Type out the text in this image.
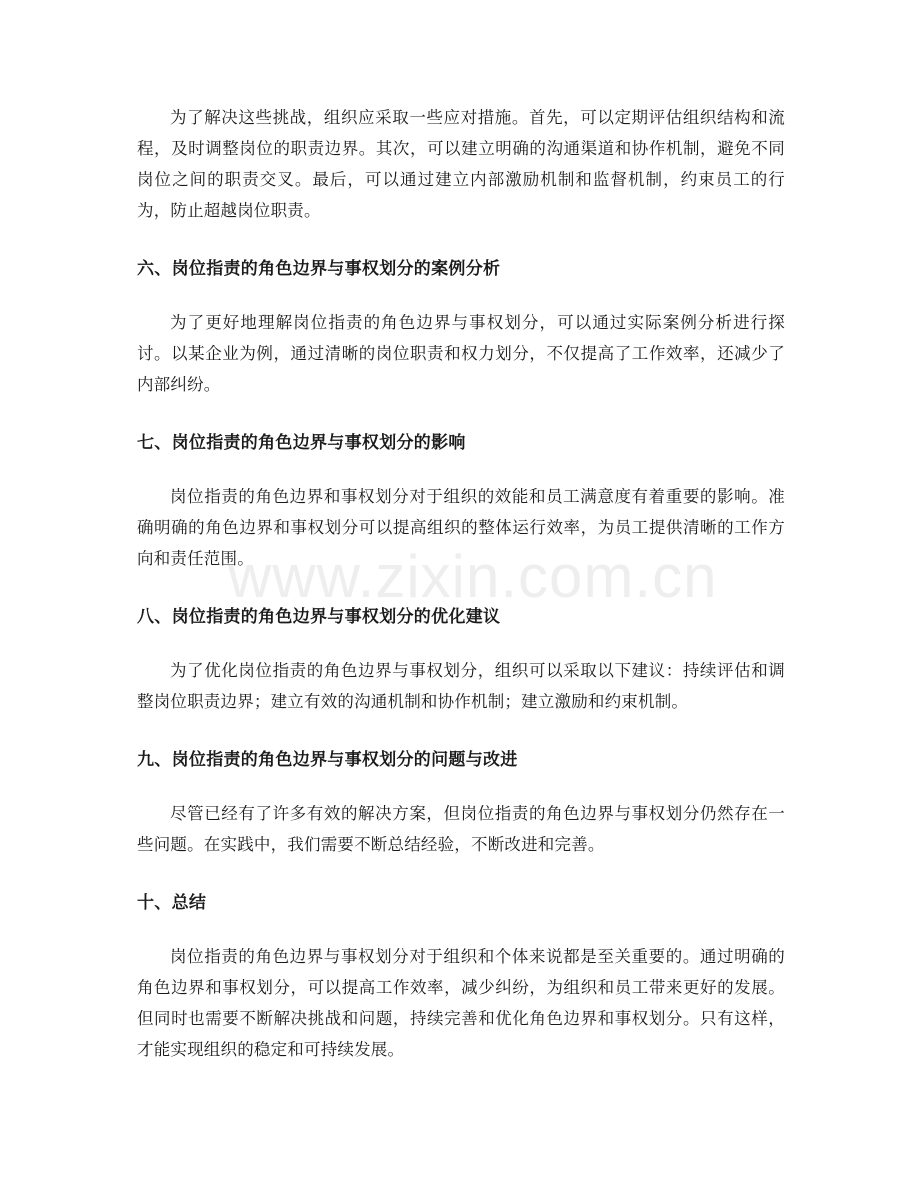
为了解决这些挑战，组织应采取一些应对措施。首先，可以定期评估组织结构和流程，及时调整岗位的职责边界。其次，可以建立明确的沟通渠道和协作机制，避免不同岗位之间的职责交叉。最后，可以通过建立内部激励机制和监督机制，约束员工的行为，防止超越岗位职责。

六、岗位指责的角色边界与事权划分的案例分析

为了更好地理解岗位指责的角色边界与事权划分，可以通过实际案例分析进行探讨。以某企业为例，通过清晰的岗位职责和权力划分，不仅提高了工作效率，还减少了内部纠纷。

七、岗位指责的角色边界与事权划分的影响

岗位指责的角色边界和事权划分对于组织的效能和员工满意度有着重要的影响。准确明确的角色边界和事权划分可以提高组织的整体运行效率，为员工提供清晰的工作方向和责任范围。

八、岗位指责的角色边界与事权划分的优化建议

为了优化岗位指责的角色边界与事权划分，组织可以采取以下建议：持续评估和调整岗位职责边界；建立有效的沟通机制和协作机制；建立激励和约束机制。

九、岗位指责的角色边界与事权划分的问题与改进

尽管已经有了许多有效的解决方案，但岗位指责的角色边界与事权划分仍然存在一些问题。在实践中，我们需要不断总结经验，不断改进和完善。

十、总结

岗位指责的角色边界与事权划分对于组织和个体来说都是至关重要的。通过明确的角色边界和事权划分，可以提高工作效率，减少纠纷，为组织和员工带来更好的发展。但同时也需要不断解决挑战和问题，持续完善和优化角色边界和事权划分。只有这样，才能实现组织的稳定和可持续发展。

www.zixin.com.cn
